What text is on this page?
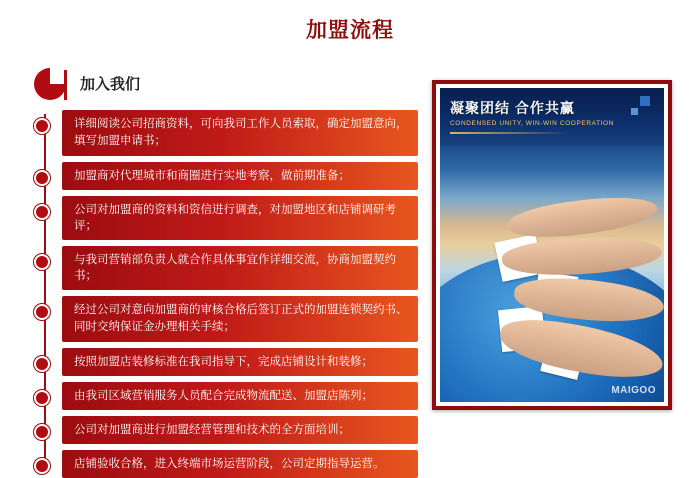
加盟流程
加入我们
详细阅读公司招商资料，可向我司工作人员索取，确定加盟意向，填写加盟申请书；
加盟商对代理城市和商圈进行实地考察，做前期准备；
公司对加盟商的资料和资信进行调查，对加盟地区和店铺调研考评；
与我司营销部负责人就合作具体事宜作详细交流，协商加盟契约书；
经过公司对意向加盟商的审核合格后签订正式的加盟连锁契约书、同时交纳保证金办理相关手续；
按照加盟店装修标准在我司指导下，完成店铺设计和装修；
由我司区域营销服务人员配合完成物流配送、加盟店陈列；
公司对加盟商进行加盟经营管理和技术的全方面培训；
店铺验收合格，进入终端市场运营阶段，公司定期指导运营。
凝聚团结 合作共赢
CONDENSED UNITY, WIN-WIN COOPERATION
MAIGOO
